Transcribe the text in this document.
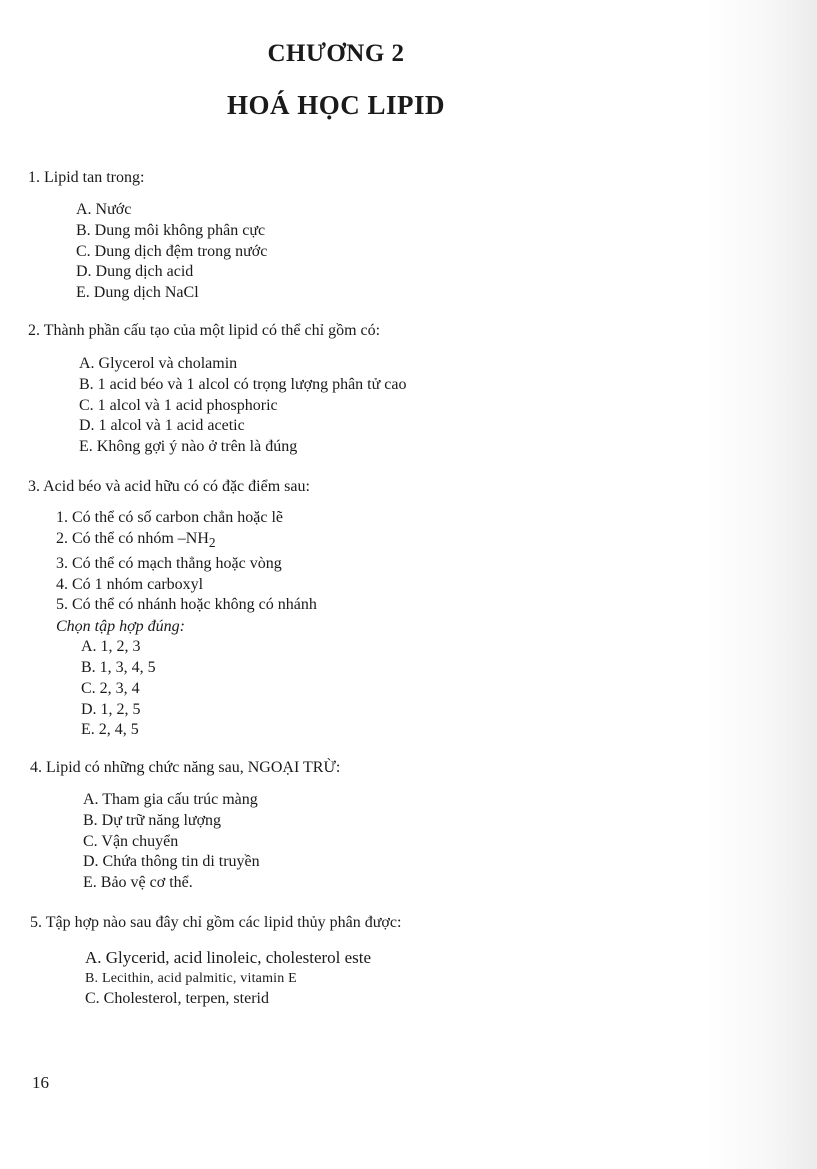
CHƯƠNG 2
HOÁ HỌC LIPID

1. Lipid tan trong:

A. Nước
B. Dung môi không phân cực
C. Dung dịch đệm trong nước
D. Dung dịch acid
E. Dung dịch NaCl

2. Thành phần cấu tạo của một lipid có thể chỉ gồm có:

A. Glycerol và cholamin
B. 1 acid béo và 1 alcol có trọng lượng phân tử cao
C. 1 alcol và 1 acid phosphoric
D. 1 alcol và 1 acid acetic
E. Không gợi ý nào ở trên là đúng

3. Acid béo và acid hữu có có đặc điểm sau:

1. Có thể có số carbon chẳn hoặc lẽ
2. Có thể có nhóm $-NH_2$
3. Có thể có mạch thẳng hoặc vòng
4. Có 1 nhóm carboxyl
5. Có thể có nhánh hoặc không có nhánh
Chọn tập hợp đúng:
A. 1, 2, 3
B. 1, 3, 4, 5
C. 2, 3, 4
D. 1, 2, 5
E. 2, 4, 5

4. Lipid có những chức năng sau, NGOẠI TRỪ:

A. Tham gia cấu trúc màng
B. Dự trữ năng lượng
C. Vận chuyển
D. Chứa thông tin di truyền
E. Bảo vệ cơ thể.

5. Tập hợp nào sau đây chỉ gồm các lipid thủy phân được:

A. Glycerid, acid linoleic, cholesterol este
B. Lecithin, acid palmitic, vitamin E
C. Cholesterol, terpen, sterid
16
